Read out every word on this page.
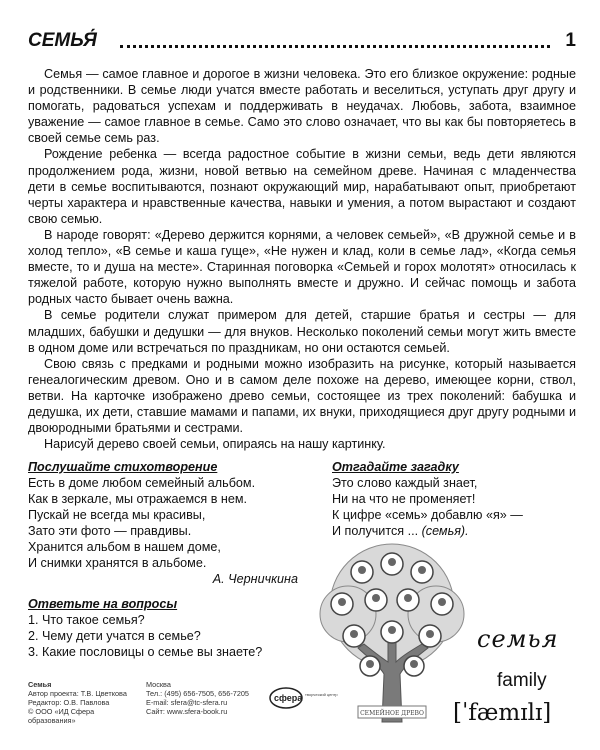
СЕМЬЯ́	1

Семья — самое главное и дорогое в жизни человека. Это его близкое окружение: родные и родственники. В семье люди учатся вместе работать и веселиться, уступать друг другу и помогать, радоваться успехам и поддерживать в неудачах. Любовь, забота, взаимное уважение — самое главное в семье. Само это слово означает, что вы как бы повторяетесь в своей семье семь раз.

Рождение ребенка — всегда радостное событие в жизни семьи, ведь дети являются продолжением рода, жизни, новой ветвью на семейном древе. Начиная с младенчества дети в семье воспитываются, познают окружающий мир, нарабатывают опыт, приобретают черты характера и нравственные качества, навыки и умения, а потом вырастают и создают свою семью.

В народе говорят: «Дерево держится корнями, а человек семьей», «В дружной семье и в холод тепло», «В семье и каша гуще», «Не нужен и клад, коли в семье лад», «Когда семья вместе, то и душа на месте». Старинная поговорка «Семьей и горох молотят» относилась к тяжелой работе, которую нужно выполнять вместе и дружно. И сейчас помощь и забота родных часто бывает очень важна.

В семье родители служат примером для детей, старшие братья и сестры — для младших, бабушки и дедушки — для внуков. Несколько поколений семьи могут жить вместе в одном доме или встречаться по праздникам, но они остаются семьей.

Свою связь с предками и родными можно изобразить на рисунке, который называется генеалогическим древом. Оно и в самом деле похоже на дерево, имеющее корни, ствол, ветви. На карточке изображено древо семьи, состоящее из трех поколений: бабушка и дедушка, их дети, ставшие мамами и папами, их внуки, приходящиеся друг другу родными и двоюродными братьями и сестрами.

Нарисуй дерево своей семьи, опираясь на нашу картинку.

Послушайте стихотворение
Есть в доме любом семейный альбом.
Как в зеркале, мы отражаемся в нем.
Пускай не всегда мы красивы,
Зато эти фото — правдивы.
Хранится альбом в нашем доме,
И снимки хранятся в альбоме.
А. Черничкина
Ответьте на вопросы
1. Что такое семья?
2. Чему дети учатся в семье?
3. Какие пословицы о семье вы знаете?
Отгадайте загадку
Это слово каждый знает,
Ни на что не променяет!
К цифре «семь» добавлю «я» —
И получится ... (семья).
Семья
Автор проекта: Т.В. Цветкова
Редактор: О.В. Павлова
© ООО «ИД Сфера образования»
Москва
Тел.: (495) 656-7505, 656-7205
E-mail: sfera@tc-sfera.ru
Сайт: www.sfera-book.ru
сфера творческий центр
СЕМЕЙНОЕ ДРЕВО
семья
family
[ˈfæmɪlɪ]
